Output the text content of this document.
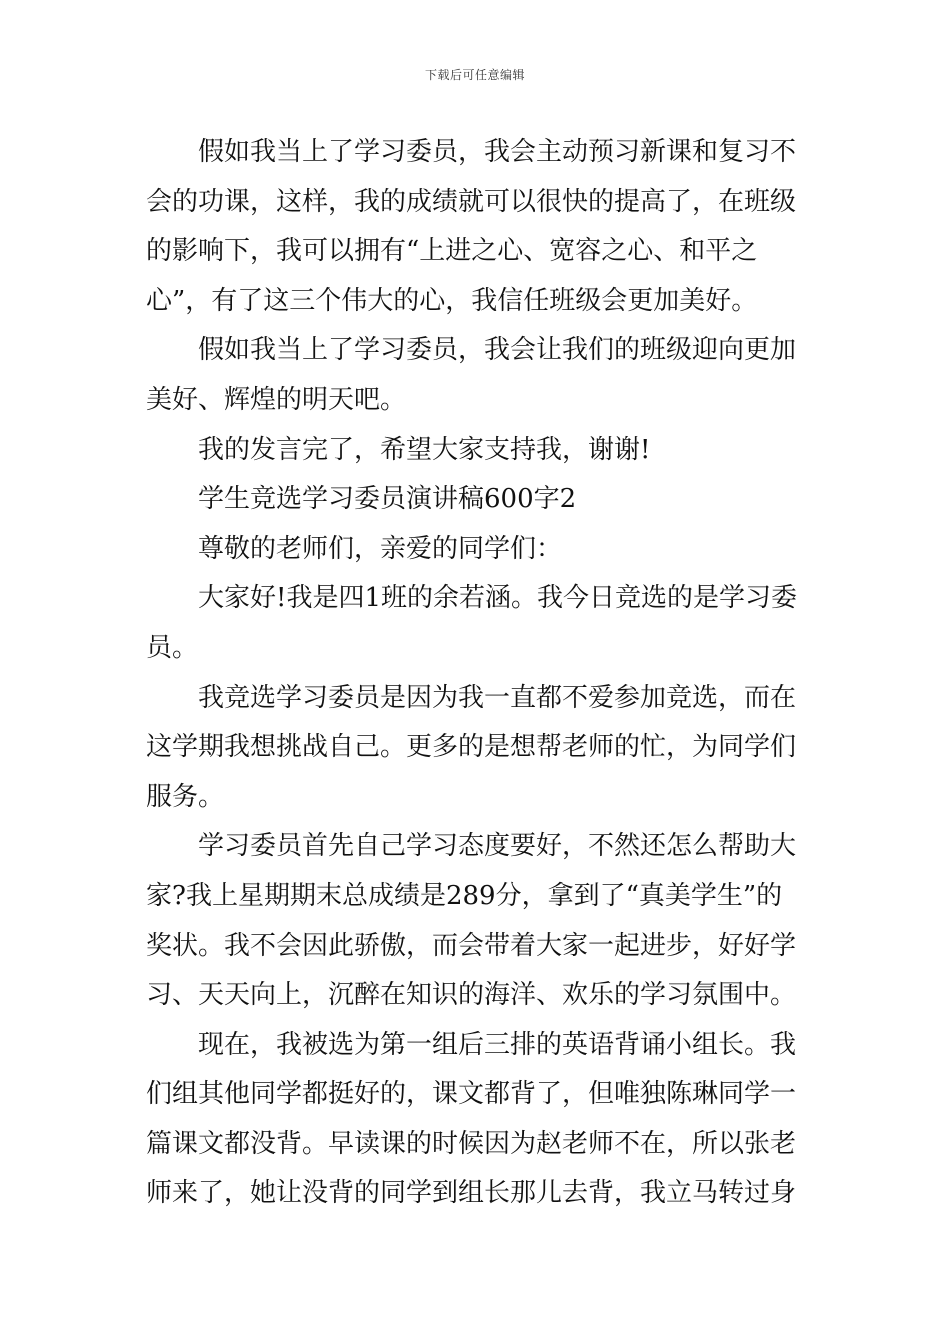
下载后可任意编辑
假如我当上了学习委员，我会主动预习新课和复习不
会的功课，这样，我的成绩就可以很快的提高了，在班级
的影响下，我可以拥有“上进之心、宽容之心、和平之
心”，有了这三个伟大的心，我信任班级会更加美好。
假如我当上了学习委员，我会让我们的班级迎向更加
美好、辉煌的明天吧。
我的发言完了，希望大家支持我，谢谢!
学生竞选学习委员演讲稿600字2
尊敬的老师们，亲爱的同学们：
大家好!我是四1班的余若涵。我今日竞选的是学习委
员。
我竞选学习委员是因为我一直都不爱参加竞选，而在
这学期我想挑战自己。更多的是想帮老师的忙，为同学们
服务。
学习委员首先自己学习态度要好，不然还怎么帮助大
家?我上星期期末总成绩是289分，拿到了“真美学生”的
奖状。我不会因此骄傲，而会带着大家一起进步，好好学
习、天天向上，沉醉在知识的海洋、欢乐的学习氛围中。
现在，我被选为第一组后三排的英语背诵小组长。我
们组其他同学都挺好的，课文都背了，但唯独陈琳同学一
篇课文都没背。早读课的时候因为赵老师不在，所以张老
师来了，她让没背的同学到组长那儿去背，我立马转过身
